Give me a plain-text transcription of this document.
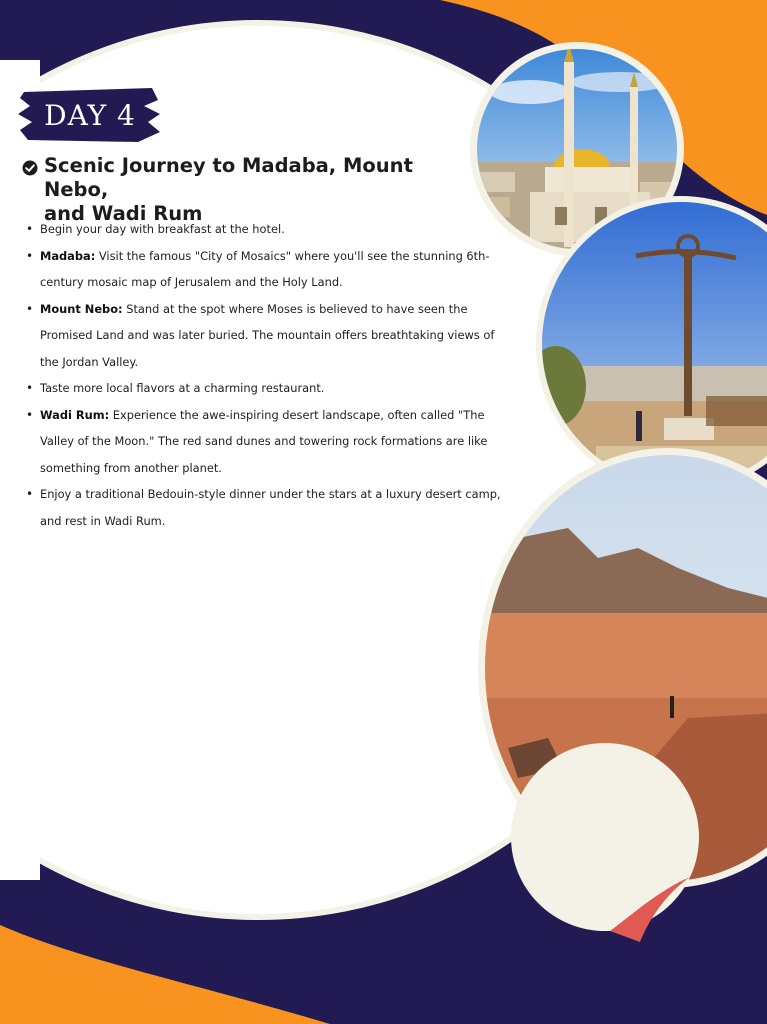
DAY 4
Scenic Journey to Madaba, Mount Nebo,
and Wadi Rum
• Begin your day with breakfast at the hotel.
• Madaba: Visit the famous "City of Mosaics" where you'll see the stunning 6th-century mosaic map of Jerusalem and the Holy Land.
• Mount Nebo: Stand at the spot where Moses is believed to have seen the Promised Land and was later buried. The mountain offers breathtaking views of the Jordan Valley.
• Taste more local flavors at a charming restaurant.
• Wadi Rum: Experience the awe-inspiring desert landscape, often called "The Valley of the Moon." The red sand dunes and towering rock formations are like something from another planet.
• Enjoy a traditional Bedouin-style dinner under the stars at a luxury desert camp, and rest in Wadi Rum.
